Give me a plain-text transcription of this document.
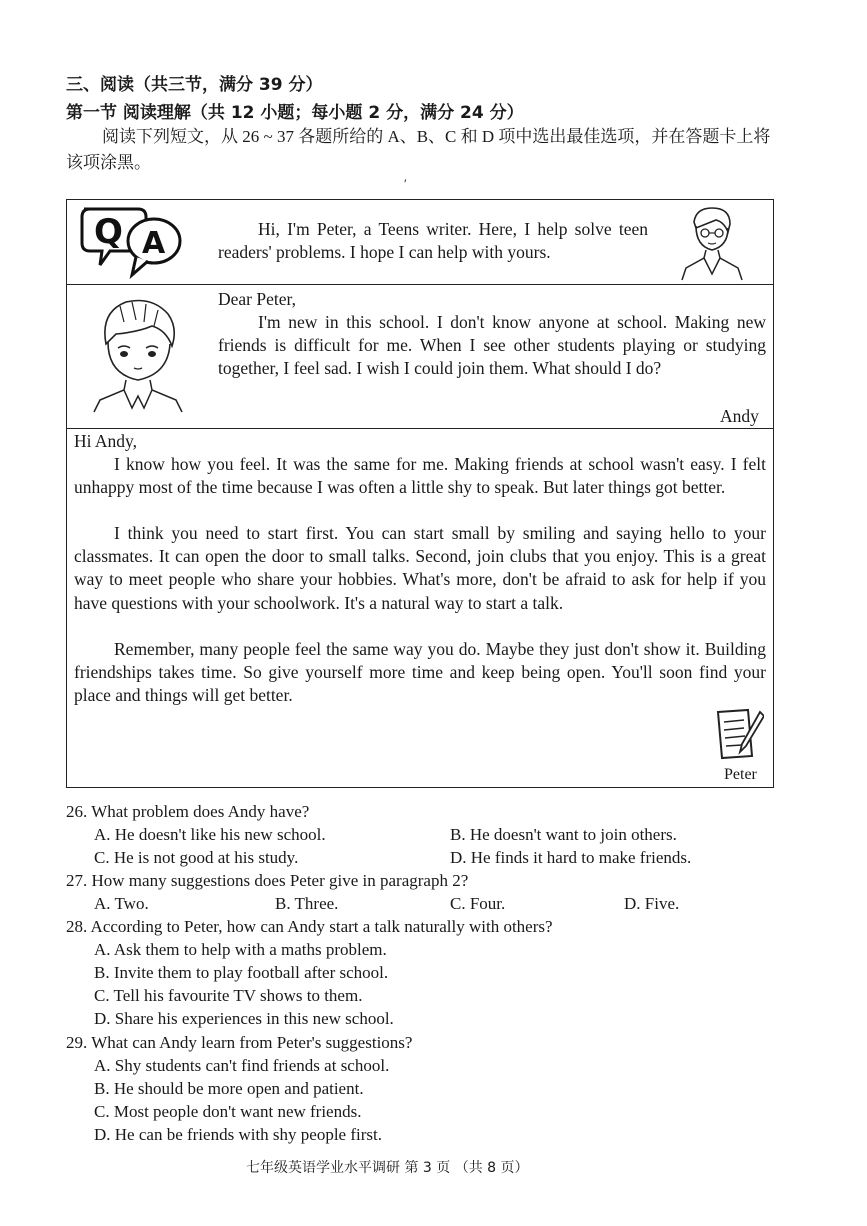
三、阅读（共三节，满分 39 分）
第一节 阅读理解（共 12 小题；每小题 2 分，满分 24 分）
阅读下列短文，从 26 ~ 37 各题所给的 A、B、C 和 D 项中选出最佳选项，并在答题卡上将该项涂黑。
′
Q A	Hi, I'm Peter, a Teens writer. Here, I help solve teen readers' problems. I hope I can help with yours.
Dear Peter,
I'm new in this school. I don't know anyone at school. Making new friends is difficult for me. When I see other students playing or studying together, I feel sad. I wish I could join them. What should I do?
Andy
Hi Andy,
I know how you feel. It was the same for me. Making friends at school wasn't easy. I felt unhappy most of the time because I was often a little shy to speak. But later things got better.
I think you need to start first. You can start small by smiling and saying hello to your classmates. It can open the door to small talks. Second, join clubs that you enjoy. This is a great way to meet people who share your hobbies. What's more, don't be afraid to ask for help if you have questions with your schoolwork. It's a natural way to start a talk.
Remember, many people feel the same way you do. Maybe they just don't show it. Building friendships takes time. So give yourself more time and keep being open. You'll soon find your place and things will get better.
Peter
26. What problem does Andy have?
A. He doesn't like his new school.	B. He doesn't want to join others.
C. He is not good at his study.	D. He finds it hard to make friends.
27. How many suggestions does Peter give in paragraph 2?
A. Two.	B. Three.	C. Four.	D. Five.
28. According to Peter, how can Andy start a talk naturally with others?
A. Ask them to help with a maths problem.
B. Invite them to play football after school.
C. Tell his favourite TV shows to them.
D. Share his experiences in this new school.
29. What can Andy learn from Peter's suggestions?
A. Shy students can't find friends at school.
B. He should be more open and patient.
C. Most people don't want new friends.
D. He can be friends with shy people first.
七年级英语学业水平调研 第 3 页 （共 8 页）
